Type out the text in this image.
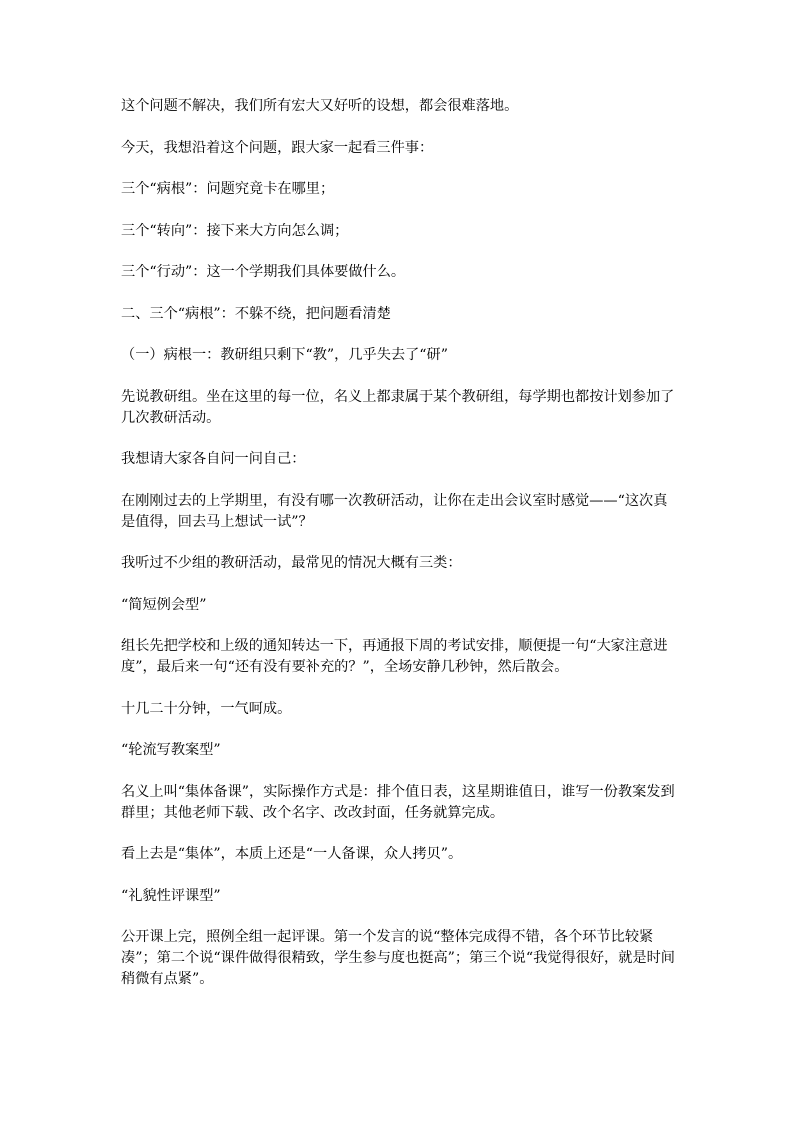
这个问题不解决，我们所有宏大又好听的设想，都会很难落地。

今天，我想沿着这个问题，跟大家一起看三件事：

三个“病根”：问题究竟卡在哪里；

三个“转向”：接下来大方向怎么调；

三个“行动”：这一个学期我们具体要做什么。

二、三个“病根”：不躲不绕，把问题看清楚

（一）病根一：教研组只剩下“教”，几乎失去了“研”

先说教研组。坐在这里的每一位，名义上都隶属于某个教研组，每学期也都按计划参加了几次教研活动。

我想请大家各自问一问自己：

在刚刚过去的上学期里，有没有哪一次教研活动，让你在走出会议室时感觉——“这次真是值得，回去马上想试一试”？

我听过不少组的教研活动，最常见的情况大概有三类：

“简短例会型”

组长先把学校和上级的通知转达一下，再通报下周的考试安排，顺便提一句“大家注意进度”，最后来一句“还有没有要补充的？”，全场安静几秒钟，然后散会。

十几二十分钟，一气呵成。

“轮流写教案型”

名义上叫“集体备课”，实际操作方式是：排个值日表，这星期谁值日，谁写一份教案发到群里；其他老师下载、改个名字、改改封面，任务就算完成。

看上去是“集体”，本质上还是“一人备课，众人拷贝”。

“礼貌性评课型”

公开课上完，照例全组一起评课。第一个发言的说“整体完成得不错，各个环节比较紧凑”；第二个说“课件做得很精致，学生参与度也挺高”；第三个说“我觉得很好，就是时间稍微有点紧”。
